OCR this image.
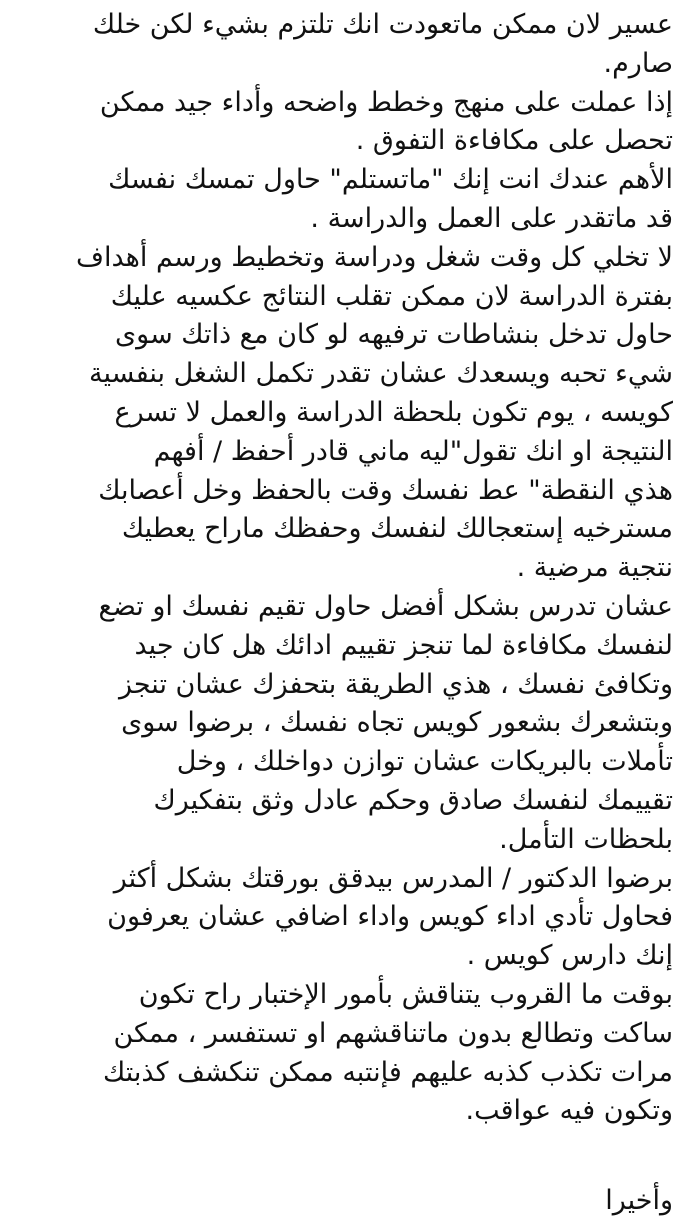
عسير لان ممكن ماتعودت انك تلتزم بشيء لكن خلك
صارم.
إذا عملت على منهج وخطط واضحه وأداء جيد ممكن
تحصل على مكافاءة التفوق .
الأهم عندك انت إنك "ماتستلم" حاول تمسك نفسك
قد ماتقدر على العمل والدراسة .
لا تخلي كل وقت شغل ودراسة وتخطيط ورسم أهداف
بفترة الدراسة لان ممكن تقلب النتائج عكسيه عليك
حاول تدخل بنشاطات ترفيهه لو كان مع ذاتك سوى
شيء تحبه ويسعدك عشان تقدر تكمل الشغل بنفسية
كويسه ، يوم تكون بلحظة الدراسة والعمل لا تسرع
النتيجة او انك تقول"ليه ماني قادر أحفظ / أفهم
هذي النقطة" عط نفسك وقت بالحفظ وخل أعصابك
مسترخيه إستعجالك لنفسك وحفظك ماراح يعطيك
نتجية مرضية .
عشان تدرس بشكل أفضل حاول تقيم نفسك او تضع
لنفسك مكافاءة لما تنجز تقييم ادائك هل كان جيد
وتكافئ نفسك ، هذي الطريقة بتحفزك عشان تنجز
وبتشعرك بشعور كويس تجاه نفسك ، برضوا سوى
تأملات بالبريكات عشان توازن دواخلك ، وخل
تقييمك لنفسك صادق وحكم عادل وثق بتفكيرك
بلحظات التأمل.
برضوا الدكتور / المدرس بيدقق بورقتك بشكل أكثر
فحاول تأدي اداء كويس واداء اضافي عشان يعرفون
إنك دارس كويس .
بوقت ما القروب يتناقش بأمور الإختبار راح تكون
ساكت وتطالع بدون ماتناقشهم او تستفسر ، ممكن
مرات تكذب كذبه عليهم فإنتبه ممكن تنكشف كذبتك
وتكون فيه عواقب.
وأخيرا
